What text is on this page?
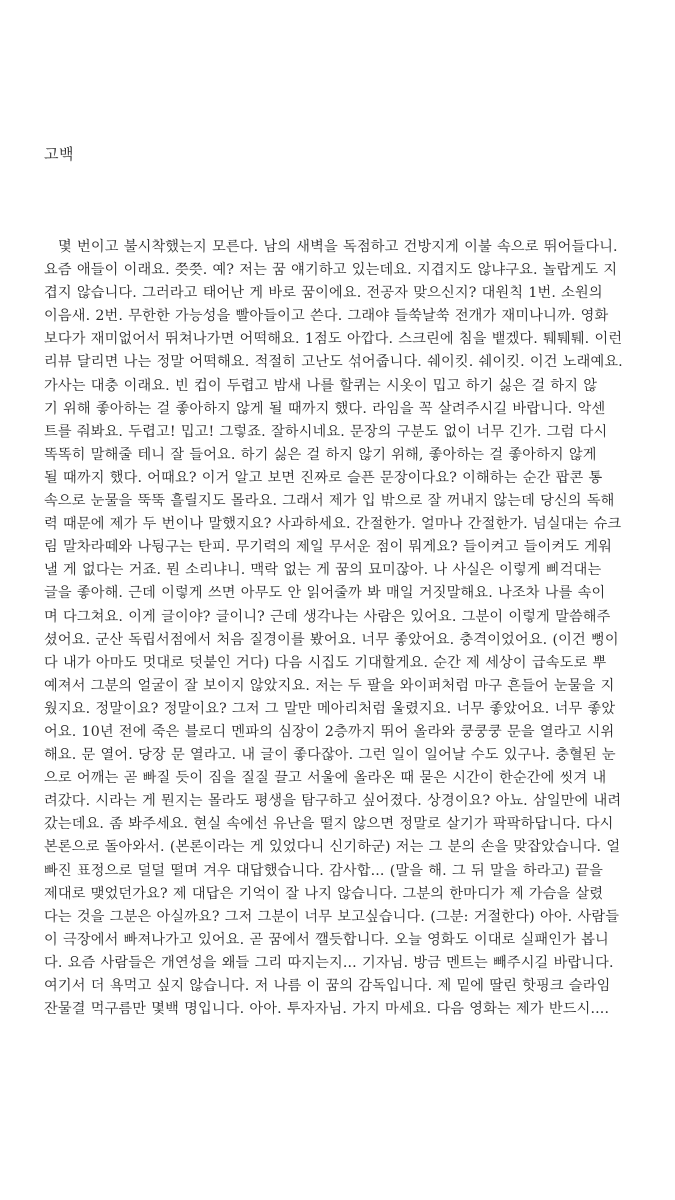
고백
몇 번이고 불시착했는지 모른다. 남의 새벽을 독점하고 건방지게 이불 속으로 뛰어들다니.
요즘 애들이 이래요. 쯧쯧. 예? 저는 꿈 얘기하고 있는데요. 지겹지도 않냐구요. 놀랍게도 지
겹지 않습니다. 그러라고 태어난 게 바로 꿈이에요. 전공자 맞으신지? 대원칙 1번. 소원의
이음새. 2번. 무한한 가능성을 빨아들이고 쓴다. 그래야 들쑥날쑥 전개가 재미나니까. 영화
보다가 재미없어서 뛰쳐나가면 어떡해요. 1점도 아깝다. 스크린에 침을 뱉겠다. 퉤퉤퉤. 이런
리뷰 달리면 나는 정말 어떡해요. 적절히 고난도 섞어줍니다. 쉐이킷. 쉐이킷. 이건 노래예요.
가사는 대충 이래요. 빈 컵이 두렵고 밤새 나를 할퀴는 시옷이 밉고 하기 싫은 걸 하지 않
기 위해 좋아하는 걸 좋아하지 않게 될 때까지 했다. 라임을 꼭 살려주시길 바랍니다. 악센
트를 줘봐요. 두렵고! 밉고! 그렇죠. 잘하시네요. 문장의 구분도 없이 너무 긴가. 그럼 다시
똑똑히 말해줄 테니 잘 들어요. 하기 싫은 걸 하지 않기 위해, 좋아하는 걸 좋아하지 않게
될 때까지 했다. 어때요? 이거 알고 보면 진짜로 슬픈 문장이다요? 이해하는 순간 팝콘 통
속으로 눈물을 뚝뚝 흘릴지도 몰라요. 그래서 제가 입 밖으로 잘 꺼내지 않는데 당신의 독해
력 때문에 제가 두 번이나 말했지요? 사과하세요. 간절한가. 얼마나 간절한가. 넘실대는 슈크
림 말차라떼와 나뒹구는 탄피. 무기력의 제일 무서운 점이 뭐게요? 들이켜고 들이켜도 게워
낼 게 없다는 거죠. 뭔 소리냐니. 맥락 없는 게 꿈의 묘미잖아. 나 사실은 이렇게 삐걱대는
글을 좋아해. 근데 이렇게 쓰면 아무도 안 읽어줄까 봐 매일 거짓말해요. 나조차 나를 속이
며 다그쳐요. 이게 글이야? 글이니? 근데 생각나는 사람은 있어요. 그분이 이렇게 말씀해주
셨어요. 군산 독립서점에서 처음 질경이를 봤어요. 너무 좋았어요. 충격이었어요. (이건 뻥이
다 내가 아마도 멋대로 덧붙인 거다) 다음 시집도 기대할게요. 순간 제 세상이 급속도로 뿌
예져서 그분의 얼굴이 잘 보이지 않았지요. 저는 두 팔을 와이퍼처럼 마구 흔들어 눈물을 지
웠지요. 정말이요? 정말이요? 그저 그 말만 메아리처럼 울렸지요. 너무 좋았어요. 너무 좋았
어요. 10년 전에 죽은 블로디 멘파의 심장이 2층까지 뛰어 올라와 쿵쿵쿵 문을 열라고 시위
해요. 문 열어. 당장 문 열라고. 내 글이 좋다잖아. 그런 일이 일어날 수도 있구나. 충혈된 눈
으로 어깨는 곧 빠질 듯이 짐을 질질 끌고 서울에 올라온 때 묻은 시간이 한순간에 씻겨 내
려갔다. 시라는 게 뭔지는 몰라도 평생을 탐구하고 싶어졌다. 상경이요? 아뇨. 삼일만에 내려
갔는데요. 좀 봐주세요. 현실 속에선 유난을 떨지 않으면 정말로 살기가 팍팍하답니다. 다시
본론으로 돌아와서. (본론이라는 게 있었다니 신기하군) 저는 그 분의 손을 맞잡았습니다. 얼
빠진 표정으로 덜덜 떨며 겨우 대답했습니다. 감사합... (말을 해. 그 뒤 말을 하라고) 끝을
제대로 맺었던가요? 제 대답은 기억이 잘 나지 않습니다. 그분의 한마디가 제 가슴을 살렸
다는 것을 그분은 아실까요? 그저 그분이 너무 보고싶습니다. (그분: 거절한다) 아아. 사람들
이 극장에서 빠져나가고 있어요. 곧 꿈에서 깰듯합니다. 오늘 영화도 이대로 실패인가 봅니
다. 요즘 사람들은 개연성을 왜들 그리 따지는지... 기자님. 방금 멘트는 빼주시길 바랍니다.
여기서 더 욕먹고 싶지 않습니다. 저 나름 이 꿈의 감독입니다. 제 밑에 딸린 핫핑크 슬라임
잔물결 먹구름만 몇백 명입니다. 아아. 투자자님. 가지 마세요. 다음 영화는 제가 반드시....
